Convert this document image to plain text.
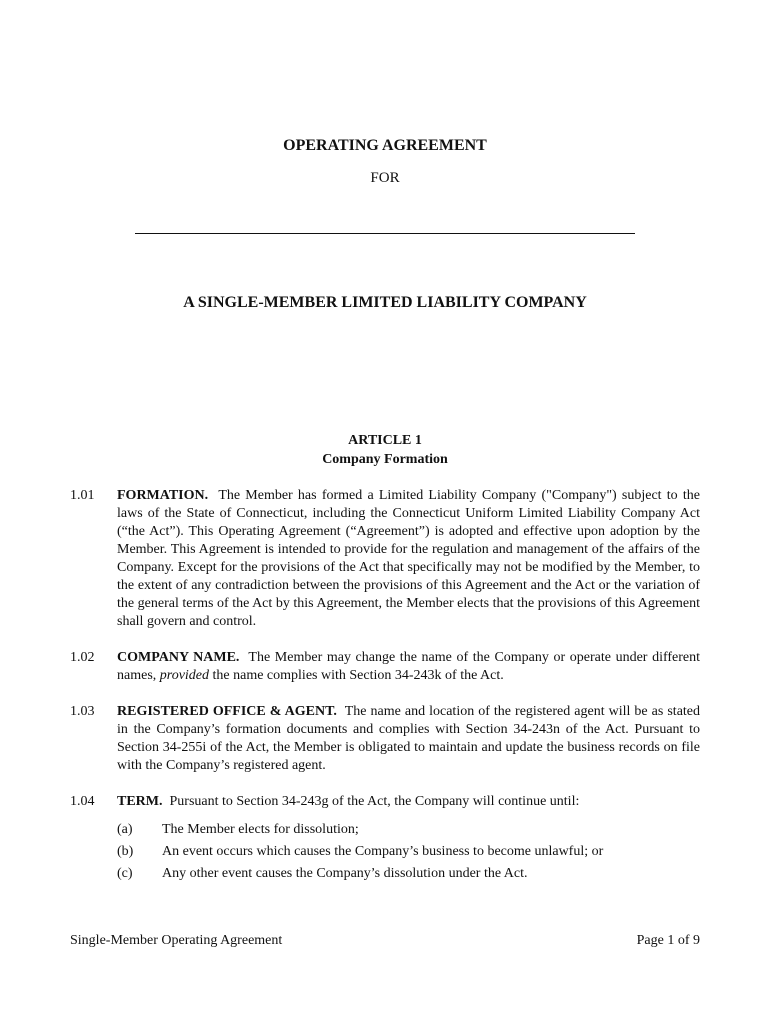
OPERATING AGREEMENT
FOR
A SINGLE-MEMBER LIMITED LIABILITY COMPANY
ARTICLE 1
Company Formation
1.01 FORMATION. The Member has formed a Limited Liability Company ("Company") subject to the laws of the State of Connecticut, including the Connecticut Uniform Limited Liability Company Act (“the Act”). This Operating Agreement (“Agreement”) is adopted and effective upon adoption by the Member. This Agreement is intended to provide for the regulation and management of the affairs of the Company. Except for the provisions of the Act that specifically may not be modified by the Member, to the extent of any contradiction between the provisions of this Agreement and the Act or the variation of the general terms of the Act by this Agreement, the Member elects that the provisions of this Agreement shall govern and control.
1.02 COMPANY NAME. The Member may change the name of the Company or operate under different names, provided the name complies with Section 34-243k of the Act.
1.03 REGISTERED OFFICE & AGENT. The name and location of the registered agent will be as stated in the Company’s formation documents and complies with Section 34-243n of the Act. Pursuant to Section 34-255i of the Act, the Member is obligated to maintain and update the business records on file with the Company’s registered agent.
1.04 TERM. Pursuant to Section 34-243g of the Act, the Company will continue until:
(a) The Member elects for dissolution;
(b) An event occurs which causes the Company’s business to become unlawful; or
(c) Any other event causes the Company’s dissolution under the Act.
Single-Member Operating Agreement	Page 1 of 9
